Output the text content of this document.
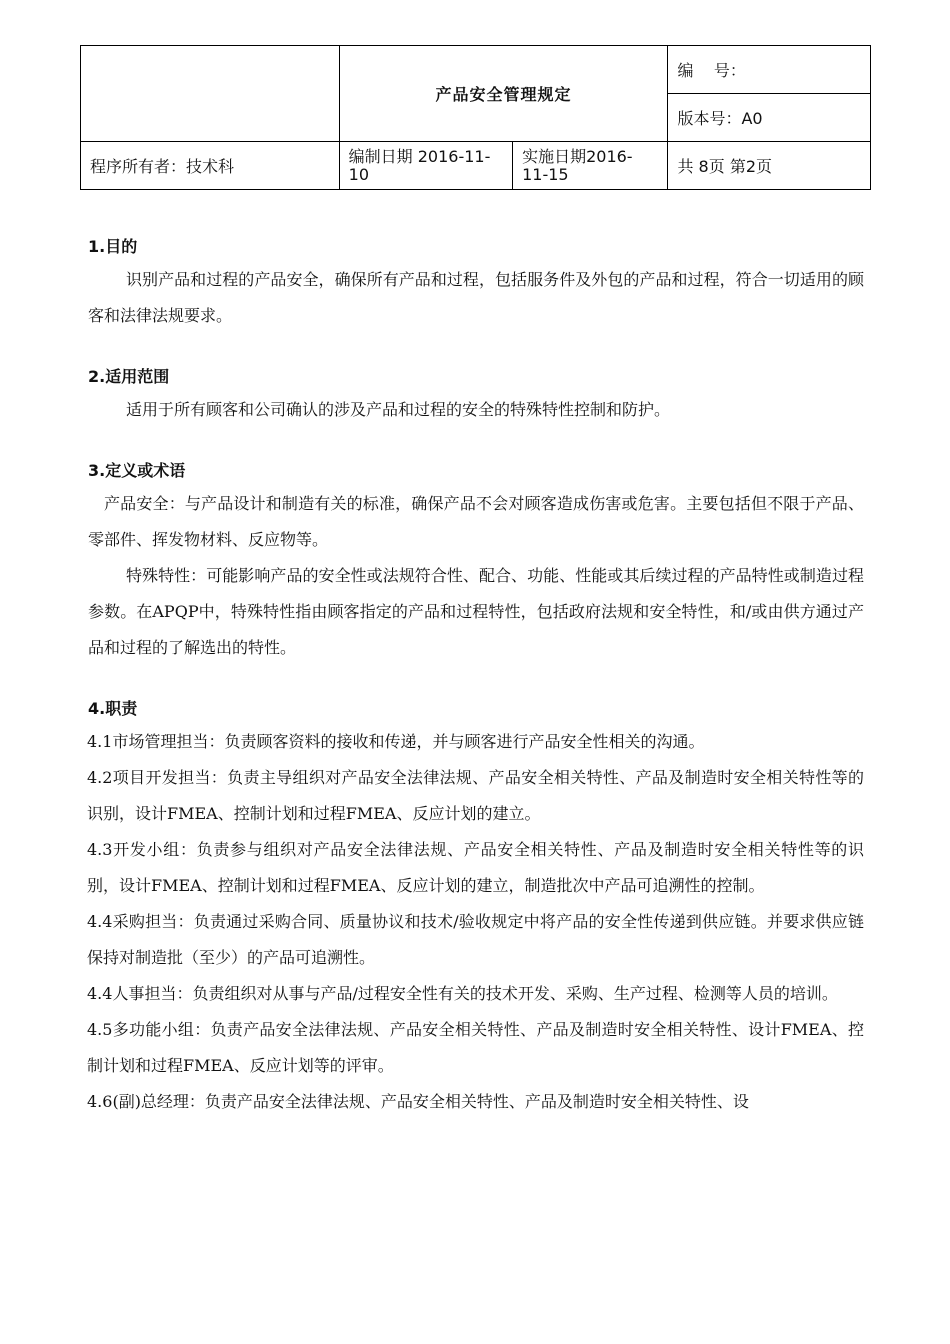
	产品安全管理规定		编    号：
			版本号：A0
程序所有者：技术科	编制日期 2016-11-10	实施日期2016-11-15	共 8页 第2页
1.目的

识别产品和过程的产品安全，确保所有产品和过程，包括服务件及外包的产品和过程，符合一切适用的顾客和法律法规要求。

2.适用范围

适用于所有顾客和公司确认的涉及产品和过程的安全的特殊特性控制和防护。

3.定义或术语

产品安全：与产品设计和制造有关的标准，确保产品不会对顾客造成伤害或危害。主要包括但不限于产品、零部件、挥发物材料、反应物等。

特殊特性：可能影响产品的安全性或法规符合性、配合、功能、性能或其后续过程的产品特性或制造过程参数。在APQP中，特殊特性指由顾客指定的产品和过程特性，包括政府法规和安全特性，和/或由供方通过产品和过程的了解选出的特性。

4.职责

4.1市场管理担当：负责顾客资料的接收和传递，并与顾客进行产品安全性相关的沟通。

4.2项目开发担当：负责主导组织对产品安全法律法规、产品安全相关特性、产品及制造时安全相关特性等的识别，设计FMEA、控制计划和过程FMEA、反应计划的建立。

4.3开发小组：负责参与组织对产品安全法律法规、产品安全相关特性、产品及制造时安全相关特性等的识别，设计FMEA、控制计划和过程FMEA、反应计划的建立，制造批次中产品可追溯性的控制。

4.4采购担当：负责通过采购合同、质量协议和技术/验收规定中将产品的安全性传递到供应链。并要求供应链保持对制造批（至少）的产品可追溯性。

4.4人事担当：负责组织对从事与产品/过程安全性有关的技术开发、采购、生产过程、检测等人员的培训。

4.5多功能小组：负责产品安全法律法规、产品安全相关特性、产品及制造时安全相关特性、设计FMEA、控制计划和过程FMEA、反应计划等的评审。

4.6(副)总经理：负责产品安全法律法规、产品安全相关特性、产品及制造时安全相关特性、设
